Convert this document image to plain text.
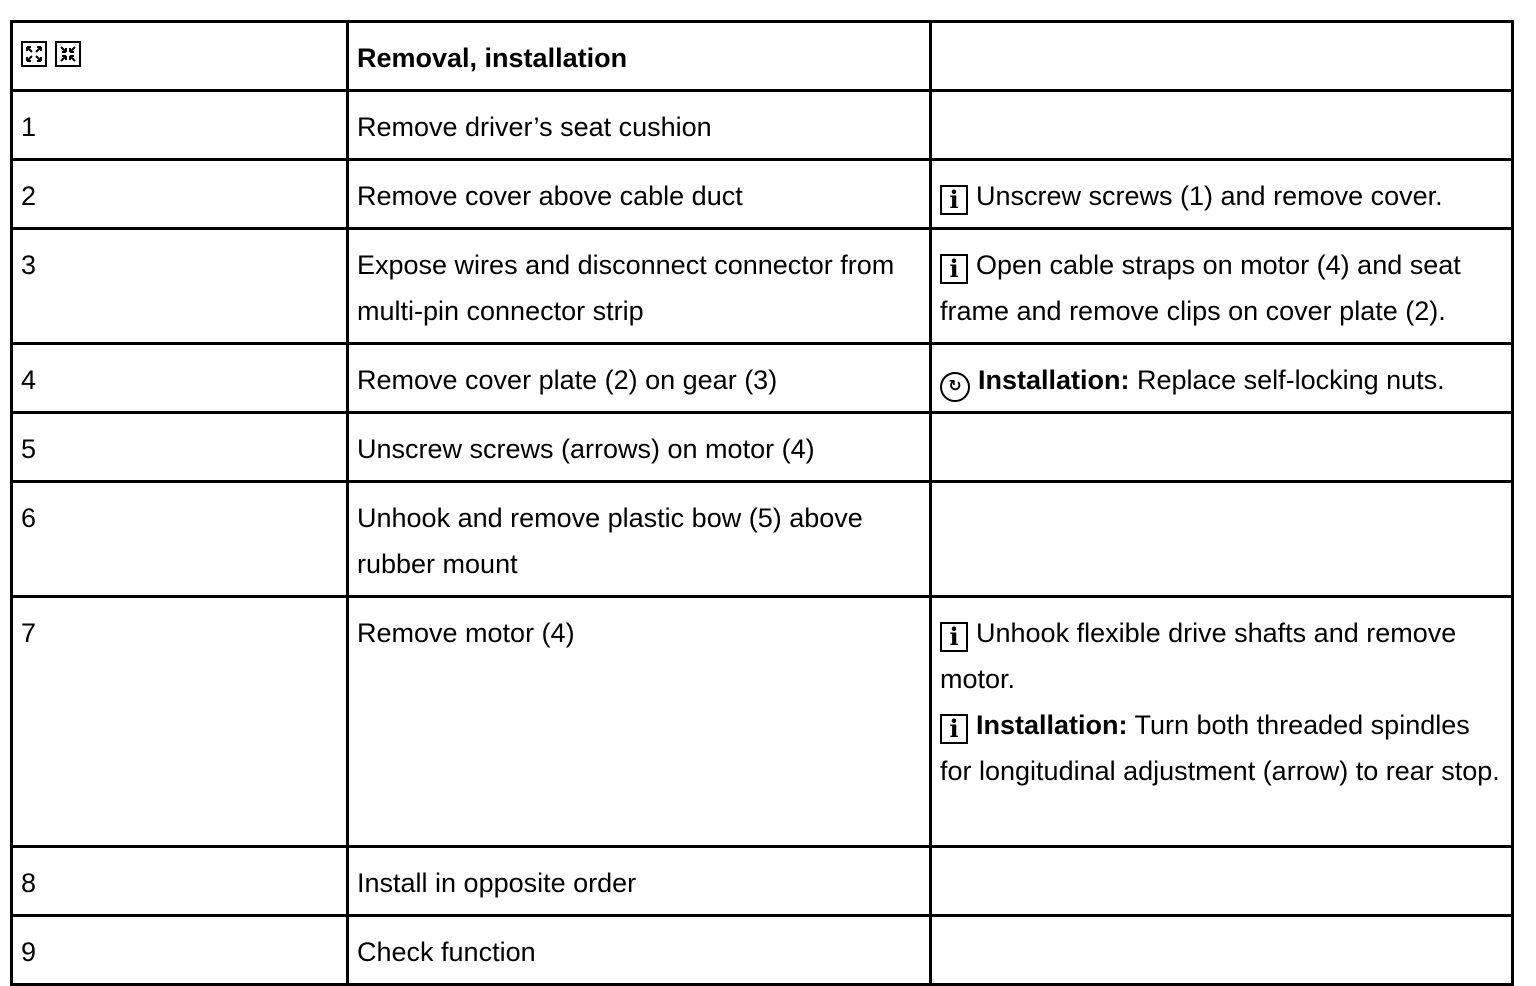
	Removal, installation	
1	Remove driver’s seat cushion	
2	Remove cover above cable duct	i Unscrew screws (1) and remove cover.

3	Expose wires and disconnect connector from multi-pin connector strip	i Open cable straps on motor (4) and seat frame and remove clips on cover plate (2).

4	Remove cover plate (2) on gear (3)	↻ Installation: Replace self-locking nuts.

5	Unscrew screws (arrows) on motor (4)	
6	Unhook and remove plastic bow (5) above rubber mount	
7	Remove motor (4)	i Unhook flexible drive shafts and remove motor.
i Installation: Turn both threaded spindles for longitudinal adjustment (arrow) to rear stop.

8	Install in opposite order	
9	Check function	
